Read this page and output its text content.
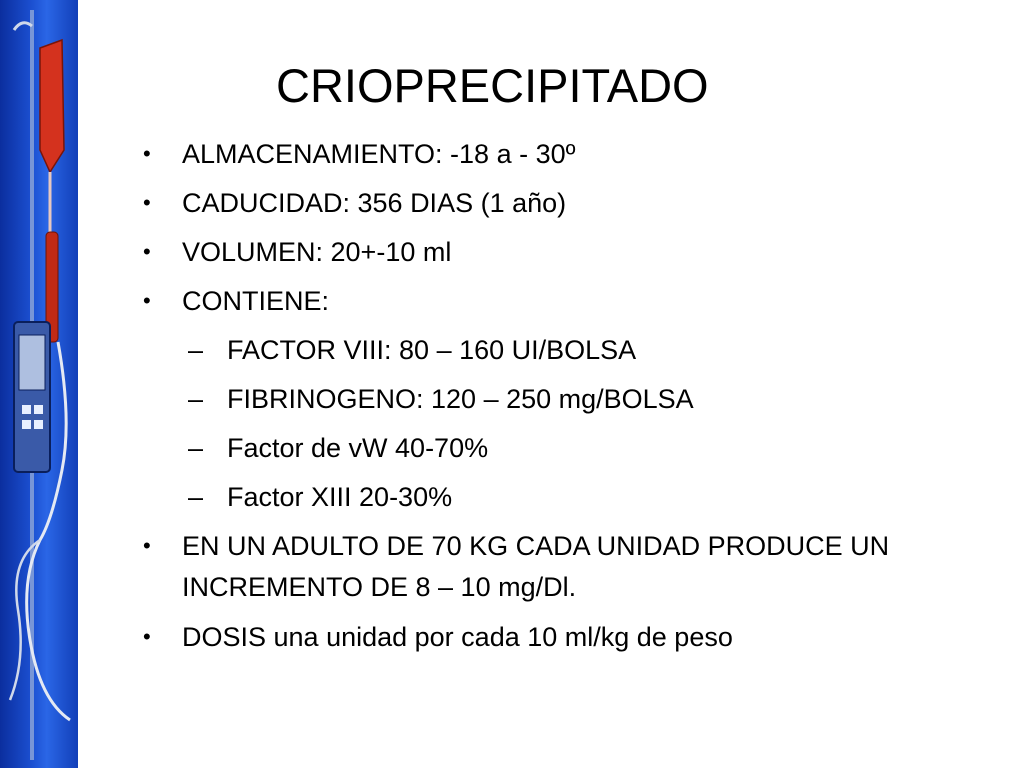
CRIOPRECIPITADO
• ALMACENAMIENTO: -18 a - 30º
• CADUCIDAD: 356 DIAS (1 año)
• VOLUMEN: 20+-10 ml
• CONTIENE:
– FACTOR VIII: 80 – 160 UI/BOLSA
– FIBRINOGENO: 120 – 250 mg/BOLSA
– Factor de vW 40-70%
– Factor XIII 20-30%
• EN UN ADULTO DE 70 KG CADA UNIDAD PRODUCE UN
INCREMENTO DE 8 – 10 mg/Dl.
• DOSIS una unidad por cada 10 ml/kg de peso
